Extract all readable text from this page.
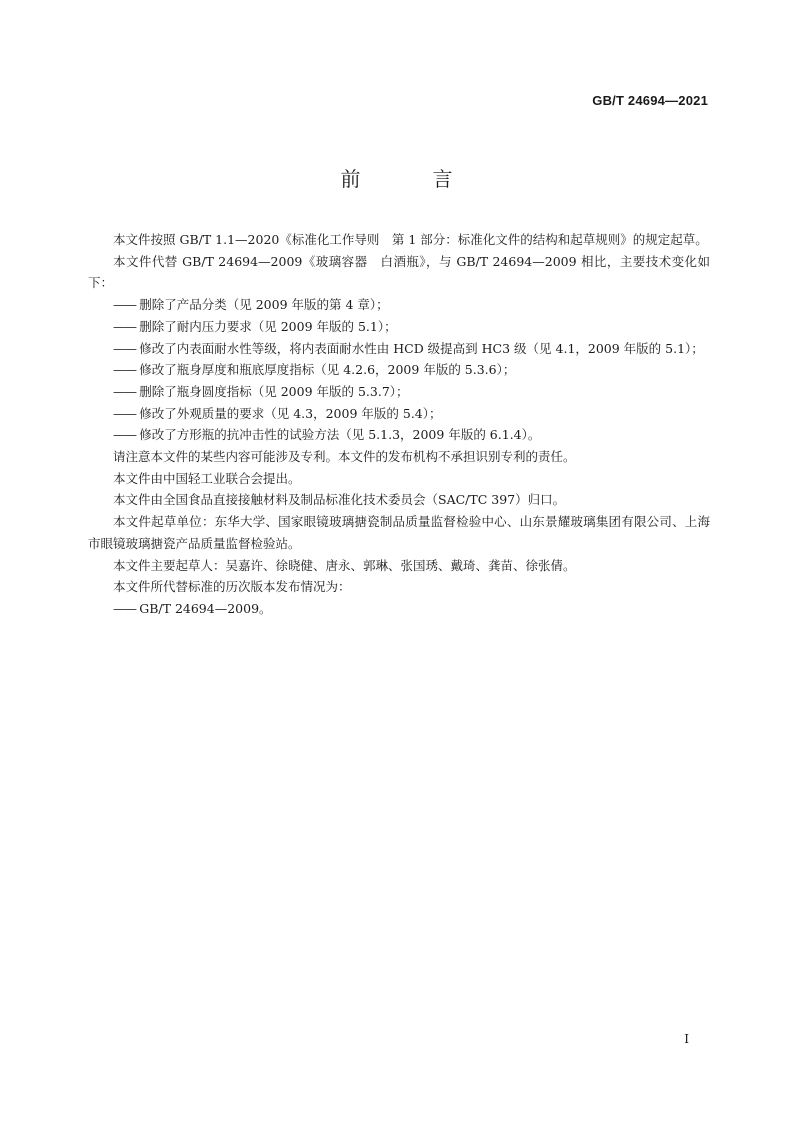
GB/T 24694—2021
前　言

本文件按照 GB/T 1.1—2020《标准化工作导则　第 1 部分：标准化文件的结构和起草规则》的规定起草。

本文件代替 GB/T 24694—2009《玻璃容器　白酒瓶》，与 GB/T 24694—2009 相比，主要技术变化如下：

—— 删除了产品分类（见 2009 年版的第 4 章）；

—— 删除了耐内压力要求（见 2009 年版的 5.1）；

—— 修改了内表面耐水性等级，将内表面耐水性由 HCD 级提高到 HC3 级（见 4.1，2009 年版的 5.1）；

—— 修改了瓶身厚度和瓶底厚度指标（见 4.2.6，2009 年版的 5.3.6）；

—— 删除了瓶身圆度指标（见 2009 年版的 5.3.7）；

—— 修改了外观质量的要求（见 4.3，2009 年版的 5.4）；

—— 修改了方形瓶的抗冲击性的试验方法（见 5.1.3，2009 年版的 6.1.4）。

请注意本文件的某些内容可能涉及专利。本文件的发布机构不承担识别专利的责任。

本文件由中国轻工业联合会提出。

本文件由全国食品直接接触材料及制品标准化技术委员会（SAC/TC 397）归口。

本文件起草单位：东华大学、国家眼镜玻璃搪瓷制品质量监督检验中心、山东景耀玻璃集团有限公司、上海市眼镜玻璃搪瓷产品质量监督检验站。

本文件主要起草人：吴嘉许、徐晓健、唐永、郭琳、张国琇、戴琦、龚苗、徐张倩。

本文件所代替标准的历次版本发布情况为：

—— GB/T 24694—2009。

I
